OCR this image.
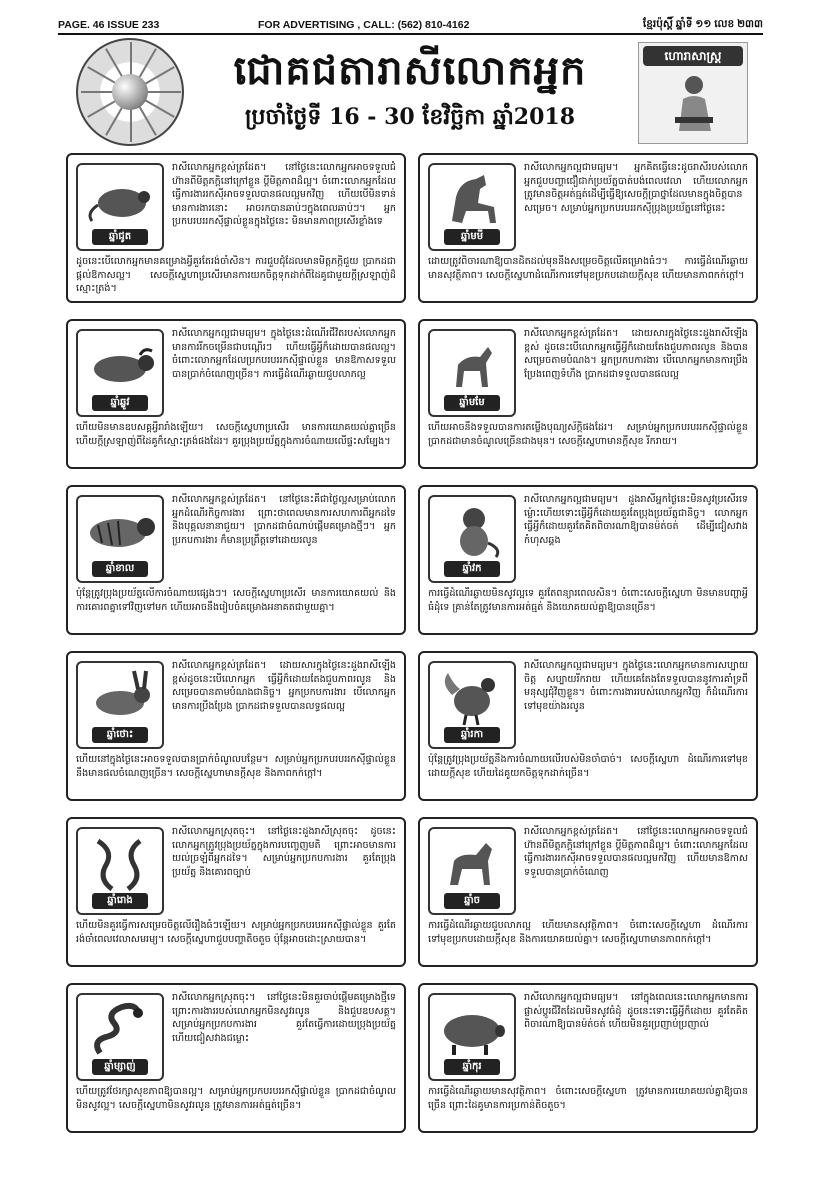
PAGE. 46 ISSUE 233	FOR ADVERTISING , CALL: (562) 810-4162	ខ្មែរប៉ុស្តិ៍ ឆ្នាំទី ១១ លេខ ២៣៣
ជោគជតារាសីលោកអ្នក
ប្រចាំថ្ងៃទី 16 - 30 ខែវិច្ឆិកា ឆ្នាំ2018
ហោរាសាស្ត្រ
ឆ្នាំជូត
រាសីលោកអ្នកខ្ពស់ត្រដែត។ នៅថ្ងៃនេះលោកអ្នកអាចទទួលជំហ៊ានពីមិត្តភក្តិនៅក្រៅខ្លួន ប្តីមិត្តភាពដ៏ល្អ។ ចំពោះលោកអ្នកដែលធ្វើការងាររកស៊ីអាចទទួលបានផលល្អមកវិញ ហើយបើមិនទាន់មានការងារនោះ អាចរកបានឆាប់ៗក្នុងពេលឆាប់ៗ។ អ្នកប្រកបរបររកស៊ីផ្ទាល់ខ្លួនក្នុងថ្ងៃនេះ មិនមានភាពប្រសើរខ្លាំងទេ
ដូចនេះបើលោកអ្នកមានគម្រោងអ្វីគួរតែរង់ចាំសិន។ ការជួបជុំដែលមានមិត្តភក្តិជួយ ប្រាកដជាផ្តល់ឱកាសល្អ។ សេចក្តីស្នេហាប្រសើរមានការយកចិត្តទុកដាក់ពីដៃគូជាមួយក្តីស្រឡាញ់ដ៏ស្មោះត្រង់។
ឆ្នាំមមី
រាសីលោកអ្នកល្អជាមធ្យម។ អ្នកគិតធ្វើនេះដូចរាសីរបស់លោកអ្នកជួបបញ្ហាជឿជាក់ប្រយ័ត្នបាត់បង់ពេលវេលា ហើយលោកអ្នកត្រូវមានចិត្តអត់ធ្មត់ដើម្បីធ្វើឱ្យសេចក្តីប្រាថ្នាដែលមានក្នុងចិត្តបានសម្រេច។ សម្រាប់អ្នកប្រកបរបររកស៊ីប្រុងប្រយ័ត្ននៅថ្ងៃនេះ
ដោយត្រូវពិចារណាឱ្យបានដិតដល់មុននឹងសម្រេចចិត្តលើគម្រោងធំៗ។ ការធ្វើដំណើរឆ្ងាយមានសុវត្ថិភាព។ សេចក្តីស្នេហាដំណើរការទៅមុខប្រកបដោយក្តីសុខ ហើយមានភាពកក់ក្តៅ។
ឆ្នាំឆ្លូវ
រាសីលោកអ្នកល្អជាមធ្យម។ ក្នុងថ្ងៃនេះដំណើរជីវិតរបស់លោកអ្នកមានការរីកចម្រើនជាបណ្តើរៗ ហើយធ្វើអ្វីក៏ដោយបានផលល្អ។ ចំពោះលោកអ្នកដែលប្រកបរបររកស៊ីផ្ទាល់ខ្លួន មានឱកាសទទួលបានប្រាក់ចំណេញច្រើន។ ការធ្វើដំណើរឆ្ងាយជួបលាភល្អ
ហើយមិនមានឧបសគ្គអ្វីរារាំងឡើយ។ សេចក្តីស្នេហាប្រសើរ មានការយោគយល់គ្នាច្រើន ហើយក្តីស្រឡាញ់ពីដៃគូក៏ស្មោះត្រង់ផងដែរ។ គួរប្រុងប្រយ័ត្នក្នុងការចំណាយលើផ្ទះសម្បែង។
ឆ្នាំមមែ
រាសីលោកអ្នកខ្ពស់ត្រដែត។ ដោយសារក្នុងថ្ងៃនេះដួងរាសីឡើងខ្ពស់ ដូចនេះបើលោកអ្នកធ្វើអ្វីក៏ដោយតែងជួបភាពរលូន និងបានសម្រេចតាមបំណង។ អ្នកប្រកបការងារ បើលោកអ្នកមានការប្រឹងប្រែងពេញទំហឹង ប្រាកដជាទទួលបានផលល្អ
ហើយអាចនឹងទទួលបានការតម្លើងបុណ្យស័ក្តិផងដែរ។ សម្រាប់អ្នកប្រកបរបររកស៊ីផ្ទាល់ខ្លួន ប្រាកដជាមានចំណូលច្រើនជាងមុន។ សេចក្តីស្នេហាមានក្តីសុខ រីករាយ។
ឆ្នាំខាល
រាសីលោកអ្នកខ្ពស់ត្រដែត។ នៅថ្ងៃនេះគឺជាថ្ងៃល្អសម្រាប់លោកអ្នកដំណើរកិច្ចការងារ ព្រោះថាពេលមានការសហការពីអ្នកដទៃ និងបុគ្គលនានាជួយ។ ប្រាកដជាចំណាប់ផ្តើមគម្រោងថ្មីៗ។ អ្នកប្រកបការងារ ក៏មានប្រព្រឹត្តទៅដោយរលូន
ប៉ុន្តែត្រូវប្រុងប្រយ័ត្នលើការចំណាយផ្សេងៗ។ សេចក្តីស្នេហាប្រសើរ មានការយោគយល់ និងការគោរពគ្នាទៅវិញទៅមក ហើយអាចនឹងរៀបចំគម្រោងអនាគតជាមួយគ្នា។
ឆ្នាំវក
រាសីលោកអ្នកល្អជាមធ្យម។ ដួងរាសីអ្នកថ្ងៃនេះមិនសូវប្រសើរទេ ម្ល៉ោះហើយទោះធ្វើអ្វីក៏ដោយគួរតែប្រុងប្រយ័ត្នជានិច្ច។ លោកអ្នកធ្វើអ្វីក៏ដោយគួរតែគិតពិចារណាឱ្យបានម៉ត់ចត់ ដើម្បីជៀសវាងកំហុសឆ្គង
ការធ្វើដំណើរឆ្ងាយមិនសូវល្អទេ គួរតែពន្យារពេលសិន។ ចំពោះសេចក្តីស្នេហា មិនមានបញ្ហាអ្វីធំដុំទេ គ្រាន់តែត្រូវមានការអត់ធ្មត់ និងយោគយល់គ្នាឱ្យបានច្រើន។
ឆ្នាំថោះ
រាសីលោកអ្នកខ្ពស់ត្រដែត។ ដោយសារក្នុងថ្ងៃនេះដួងរាសីឡើងខ្ពស់ដូចនេះបើលោកអ្នក ធ្វើអ្វីក៏ដោយតែងជួបភាពរលូន និងសម្រេចបានតាមបំណងជានិច្ច។ អ្នកប្រកបការងារ បើលោកអ្នកមានការប្រឹងប្រែង ប្រាកដជាទទួលបានលទ្ធផលល្អ
ហើយនៅក្នុងថ្ងៃនេះអាចទទួលបានប្រាក់ចំណូលបន្ថែម។ សម្រាប់អ្នកប្រកបរបររកស៊ីផ្ទាល់ខ្លួន នឹងមានផលចំណេញច្រើន។ សេចក្តីស្នេហាមានក្តីសុខ និងភាពកក់ក្តៅ។
ឆ្នាំរកា
រាសីលោកអ្នកល្អជាមធ្យម។ ក្នុងថ្ងៃនេះលោកអ្នកមានការសប្បាយចិត្ត សប្បាយរីករាយ ហើយគេតែងតែទទួលបាននូវការគាំទ្រពីមនុស្សជុំវិញខ្លួន។ ចំពោះការងាររបស់លោកអ្នកវិញ ក៏ដំណើរការទៅមុខយ៉ាងរលូន
ប៉ុន្តែត្រូវប្រុងប្រយ័ត្ននឹងការចំណាយលើរបស់មិនចាំបាច់។ សេចក្តីស្នេហា ដំណើរការទៅមុខដោយក្តីសុខ ហើយដៃគូយកចិត្តទុកដាក់ច្រើន។
ឆ្នាំរោង
រាសីលោកអ្នកស្រុតចុះ។ នៅថ្ងៃនេះដួងរាសីស្រុតចុះ ដូចនេះលោកអ្នកត្រូវប្រុងប្រយ័ត្នក្នុងការបញ្ចេញមតិ ព្រោះអាចមានការយល់ច្រឡំពីអ្នកដទៃ។ សម្រាប់អ្នកប្រកបការងារ គួរតែប្រុងប្រយ័ត្ន និងគោរពច្បាប់
ហើយមិនគួរធ្វើការសម្រេចចិត្តលើរឿងធំៗឡើយ។ សម្រាប់អ្នកប្រកបរបររកស៊ីផ្ទាល់ខ្លួន គួរតែរង់ចាំពេលវេលាសមរម្យ។ សេចក្តីស្នេហាជួបបញ្ហាតិចតួច ប៉ុន្តែអាចដោះស្រាយបាន។
ឆ្នាំច
រាសីលោកអ្នកខ្ពស់ត្រដែត។ នៅថ្ងៃនេះលោកអ្នកអាចទទួលជំហ៊ានពីមិត្តភក្តិនៅក្រៅខ្លួន ប្តីមិត្តភាពដ៏ល្អ។ ចំពោះលោកអ្នកដែលធ្វើការងាររកស៊ីអាចទទួលបានផលល្អមកវិញ ហើយមានឱកាសទទួលបានប្រាក់ចំណេញ
ការធ្វើដំណើរឆ្ងាយជួបលាភល្អ ហើយមានសុវត្ថិភាព។ ចំពោះសេចក្តីស្នេហា ដំណើរការទៅមុខប្រកបដោយក្តីសុខ និងការយោគយល់គ្នា។ សេចក្តីស្នេហាមានភាពកក់ក្តៅ។
ឆ្នាំម្សាញ់
រាសីលោកអ្នកស្រុតចុះ។ នៅថ្ងៃនេះមិនគួរចាប់ផ្តើមគម្រោងថ្មីទេ ព្រោះការងាររបស់លោកអ្នកមិនសូវរលូន និងជួបឧបសគ្គ។ សម្រាប់អ្នកប្រកបការងារ គួរតែធ្វើការដោយប្រុងប្រយ័ត្ន ហើយជៀសវាងជម្លោះ
ហើយត្រូវថែរក្សាសុខភាពឱ្យបានល្អ។ សម្រាប់អ្នកប្រកបរបររកស៊ីផ្ទាល់ខ្លួន ប្រាកដជាចំណូលមិនសូវល្អ។ សេចក្តីស្នេហាមិនសូវរលូន ត្រូវមានការអត់ធ្មត់ច្រើន។
ឆ្នាំកុរ
រាសីលោកអ្នកល្អជាមធ្យម។ នៅក្នុងពេលនេះលោកអ្នកមានការផ្លាស់ប្តូរជីវិតដែលមិនសូវធំដុំ ដូចនេះទោះធ្វើអ្វីក៏ដោយ គួរតែគិតពិចារណាឱ្យបានម៉ត់ចត់ ហើយមិនគួរប្រញាប់ប្រញាល់
ការធ្វើដំណើរឆ្ងាយមានសុវត្ថិភាព។ ចំពោះសេចក្តីស្នេហា ត្រូវមានការយោគយល់គ្នាឱ្យបានច្រើន ព្រោះដៃគូមានការប្រកាន់តិចតួច។
